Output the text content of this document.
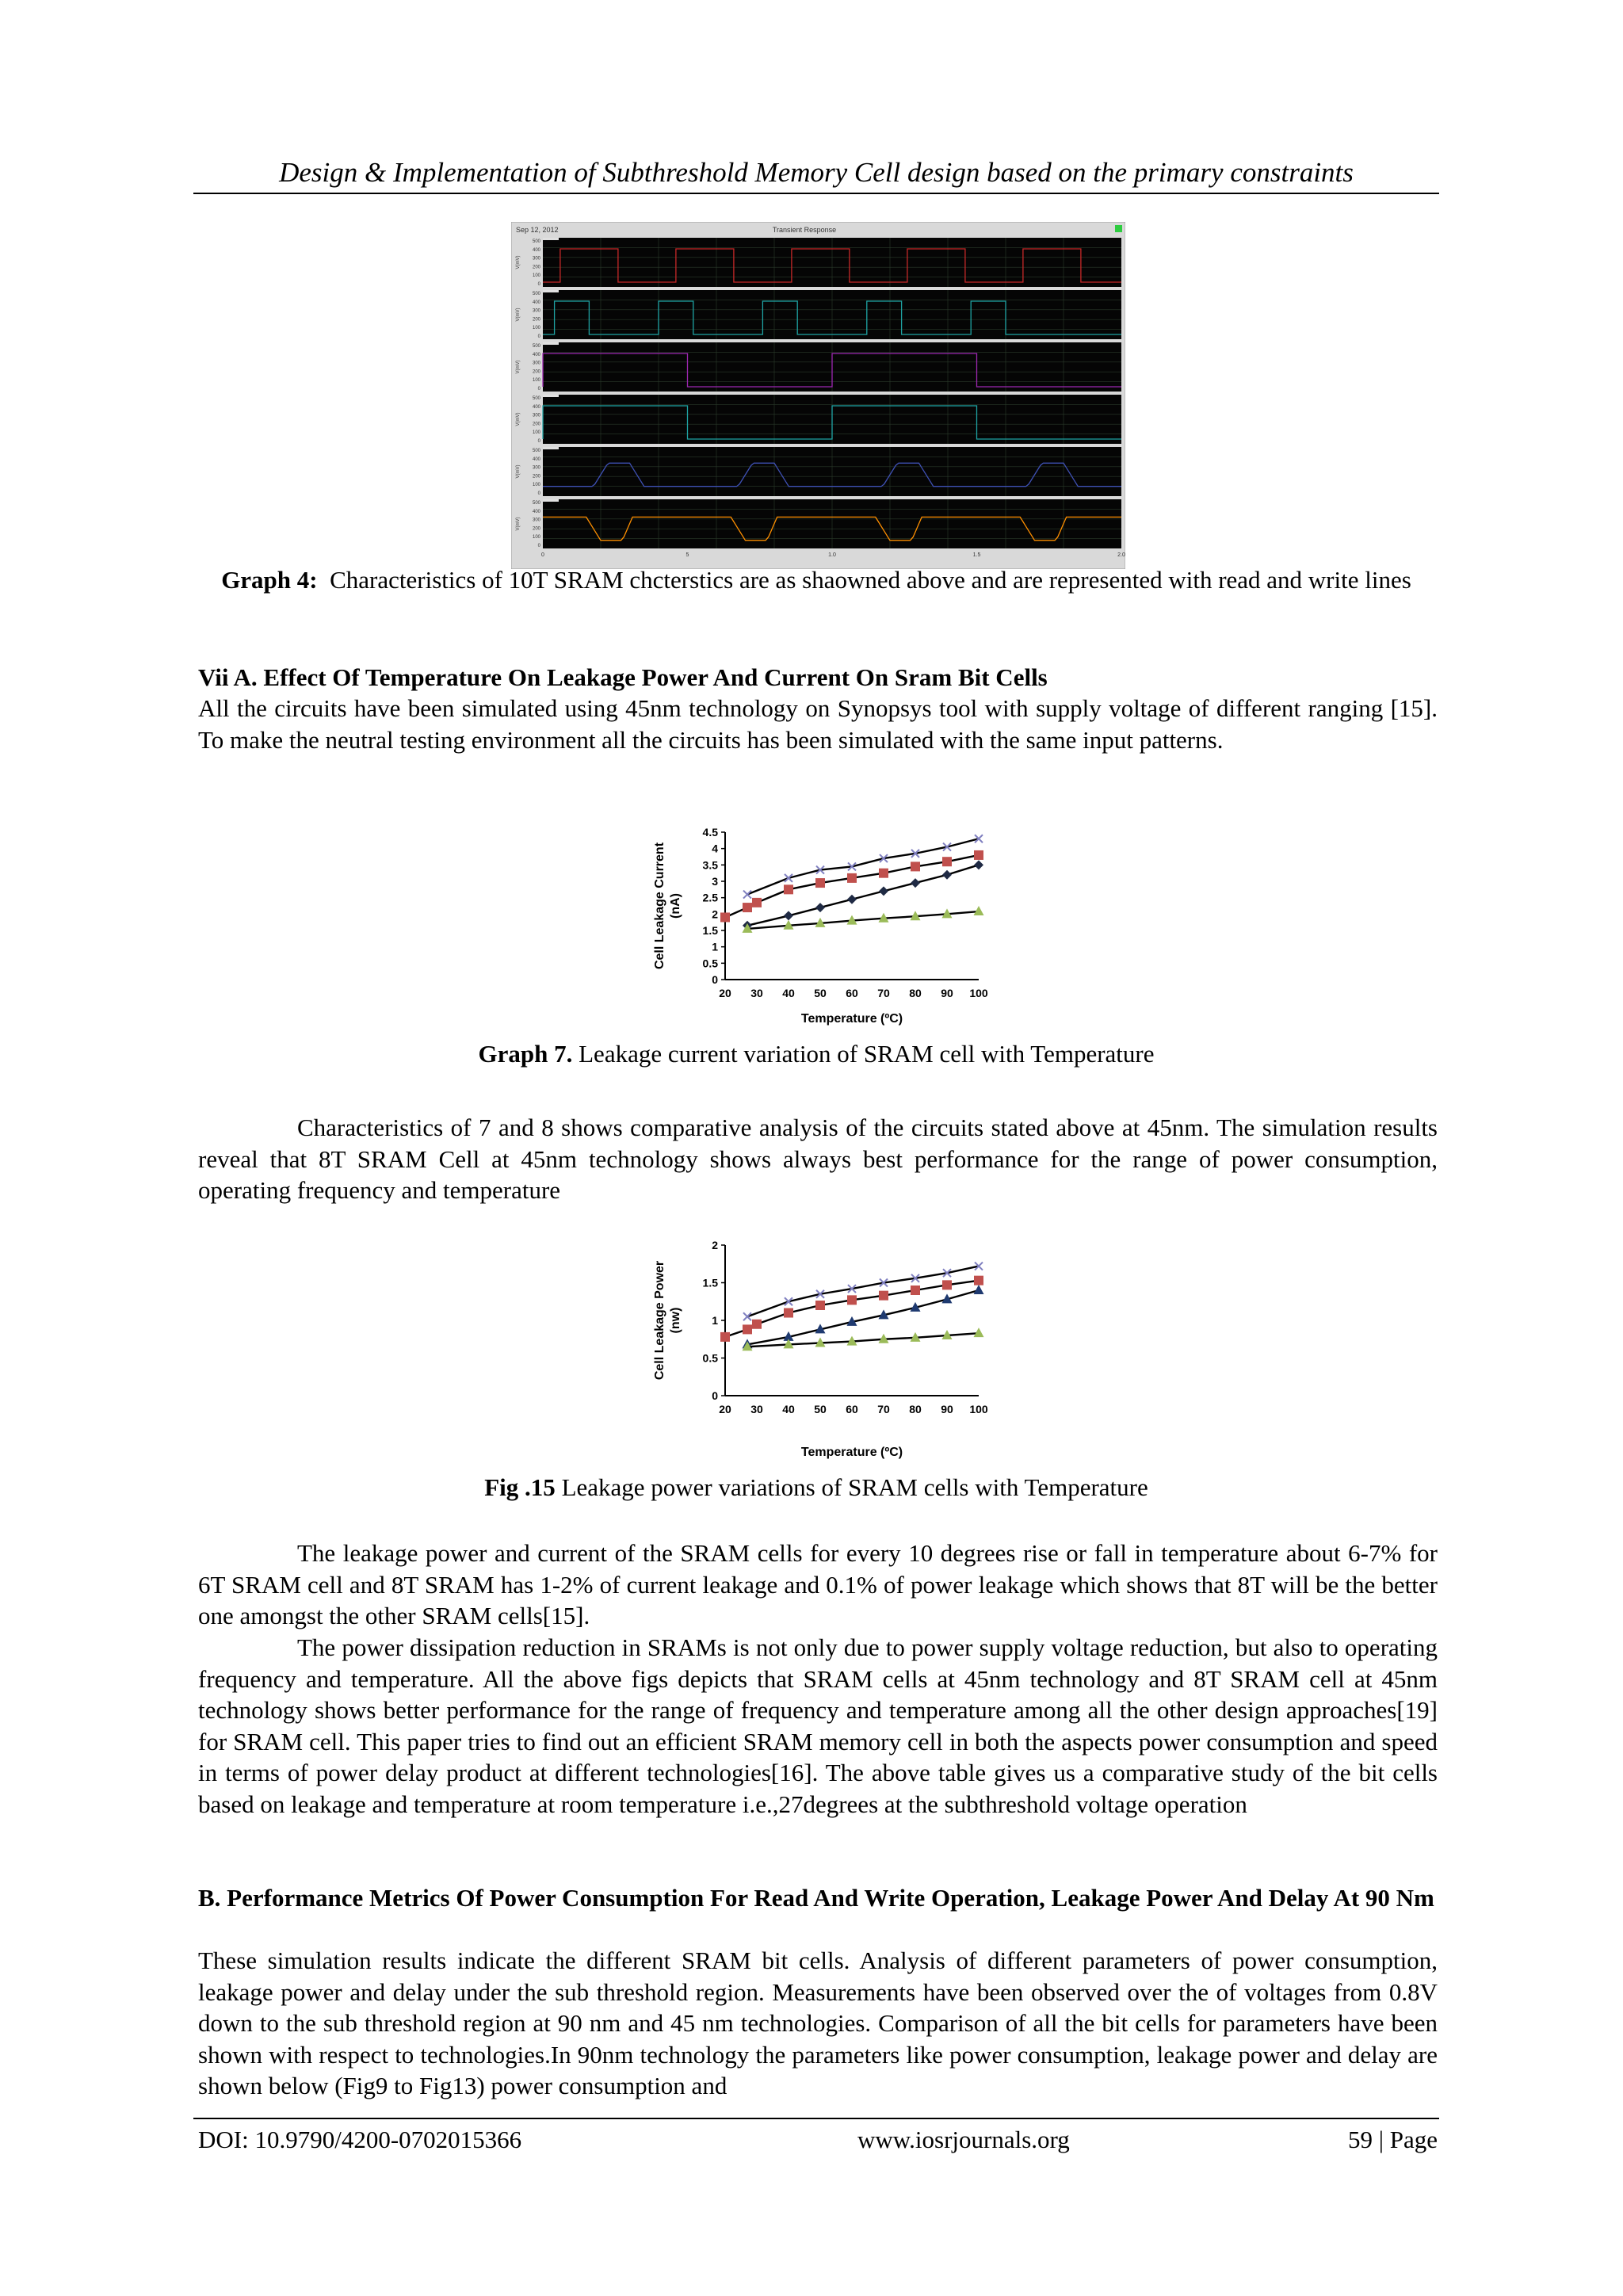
Design & Implementation of Subthreshold Memory Cell design based on the primary constraints
Sep 12, 2012	Transient Response
500
400
300
200
100
0
V(mV)
500
400
300
200
100
0
V(mV)
500
400
300
200
100
0
V(mV)
500
400
300
200
100
0
V(mV)
500
400
300
200
100
0
V(mV)
500
400
300
200
100
0
V(mV)
0	5	1.0	1.5	2.0
Graph 4: Characteristics of 10T SRAM chcterstics are as shaowned above and are represented with read and write lines

Vii A. Effect Of Temperature On Leakage Power And Current On Sram Bit Cells

All the circuits have been simulated using 45nm technology on Synopsys tool with supply voltage of different ranging [15]. To make the neutral testing environment all the circuits has been simulated with the same input patterns.

0
0.5
1
1.5
2
2.5
3
3.5
4
4.5
20 30 40 50 60 70 80 90 100
Temperature (ºC)
Cell Leakage Current (nA)
Graph 7. Leakage current variation of SRAM cell with Temperature

Characteristics of 7 and 8 shows comparative analysis of the circuits stated above at 45nm. The simulation results reveal that 8T SRAM Cell at 45nm technology shows always best performance for the range of power consumption, operating frequency and temperature

0
0.5
1
1.5
2
20 30 40 50 60 70 80 90 100
Temperature (ºC)
Cell Leakage Power (nw)
Fig .15 Leakage power variations of SRAM cells with Temperature

The leakage power and current of the SRAM cells for every 10 degrees rise or fall in temperature about 6-7% for 6T SRAM cell and 8T SRAM has 1-2% of current leakage and 0.1% of power leakage which shows that 8T will be the better one amongst the other SRAM cells[15].

The power dissipation reduction in SRAMs is not only due to power supply voltage reduction, but also to operating frequency and temperature. All the above figs depicts that SRAM cells at 45nm technology and 8T SRAM cell at 45nm technology shows better performance for the range of frequency and temperature among all the other design approaches[19] for SRAM cell. This paper tries to find out an efficient SRAM memory cell in both the aspects power consumption and speed in terms of power delay product at different technologies[16]. The above table gives us a comparative study of the bit cells based on leakage and temperature at room temperature i.e.,27degrees at the subthreshold voltage operation

B. Performance Metrics Of Power Consumption For Read And Write Operation, Leakage Power And Delay At 90 Nm

These simulation results indicate the different SRAM bit cells. Analysis of different parameters of power consumption, leakage power and delay under the sub threshold region. Measurements have been observed over the of voltages from 0.8V down to the sub threshold region at 90 nm and 45 nm technologies. Comparison of all the bit cells for parameters have been shown with respect to technologies.In 90nm technology the parameters like power consumption, leakage power and delay are shown below (Fig9 to Fig13) power consumption and

DOI: 10.9790/4200-0702015366	www.iosrjournals.org	59 | Page
